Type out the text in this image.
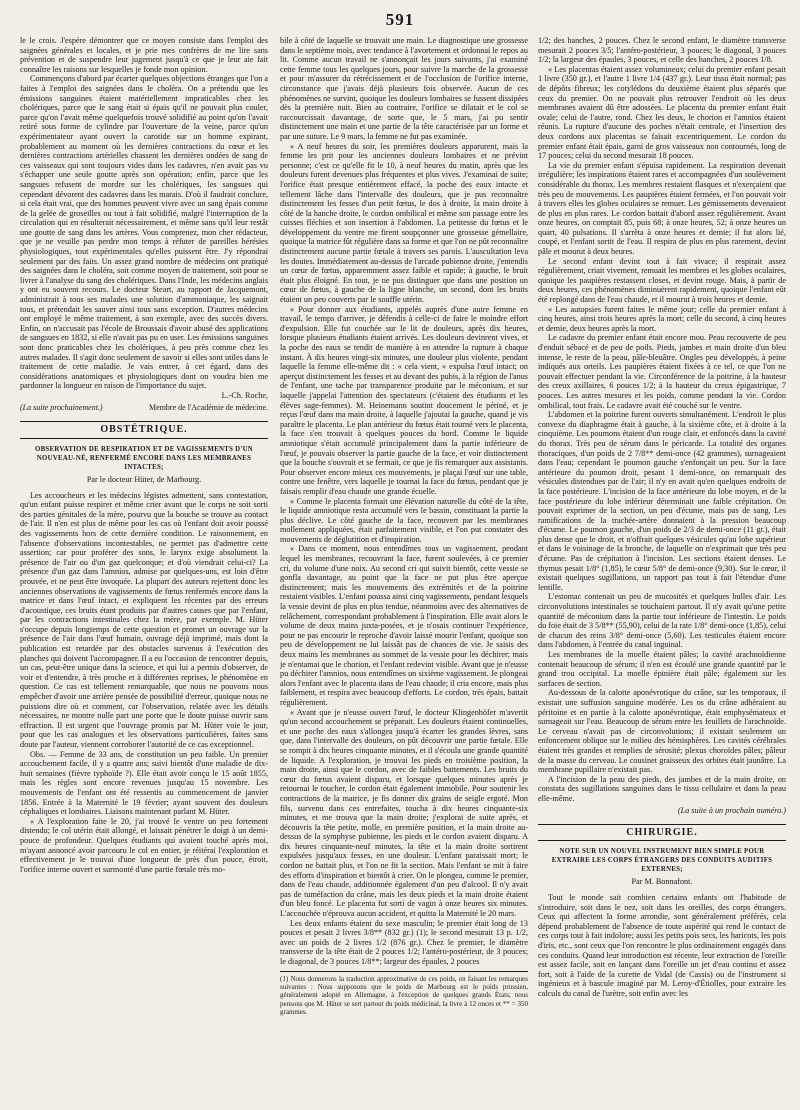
591

le le crois. J'espère démontrer que ce moyen consiste dans l'emploi des saignées générales et locales, et je prie mes confrères de me lire sans prévention et de suspendre leur jugement jusqu'à ce que je leur aie fait connaître les raisons sur lesquelles je fonde mon opinion.

Commençons d'abord par écarter quelques objections étranges que l'on a faites à l'emploi des saignées dans le choléra. On a prétendu que les émissions sanguines étaient matériellement impraticables chez les cholériques, parce que le sang était si épais qu'il ne pouvait plus couler, parce qu'on l'avait même quelquefois trouvé solidifié au point qu'on l'avait retiré sous forme de cylindre par l'ouverture de la veine, parce qu'un expérimentateur ayant ouvert la carotide sur un homme expirant, probablement au moment où les dernières contractions du cœur et les dernières contractions artérielles chassent les dernières ondées de sang de ces vaisseaux qui sont toujours vides dans les cadavres, n'en avait pas vu s'échapper une seule goutte après son opération; enfin, parce que les sangsues refusent de mordre sur les cholériques, les sangsues qui cependant dévorent des cadavres dans les marais. D'où il faudrait conclure, si cela était vrai, que des hommes peuvent vivre avec un sang épais comme de la gelée de groseilles ou tout à fait solidifié, malgré l'interruption de la circulation qui en résulterait nécessairement, et même sans qu'il leur restât une goutte de sang dans les artères. Vous comprenez, mon cher rédacteur, que je ne veuille pas perdre mon temps à réfuter de pareilles hérésies physiologiques, tout expérimentales qu'elles puissent être. J'y répondrai seulement par des faits. Un assez grand nombre de médecins ont pratiqué des saignées dans le choléra, soit comme moyen de traitement, soit pour se livrer à l'analyse du sang des cholériques. Dans l'Inde, les médecins anglais y ont eu souvent recours. Le docteur Steart, au rapport de Jacquemont, administrait à tous ses malades une solution d'ammoniaque, les saignait tous, et prétendait les sauver ainsi tous sans exception. D'autres médecins ont employé le même traitement, à son exemple, avec des succès divers. Enfin, on n'accusait pas l'école de Broussais d'avoir abusé des applications de sangsues en 1832, si elle n'avait pas pu en user. Les émissions sanguines sont donc praticables chez les cholériques, à peu près comme chez les autres malades. Il s'agit donc seulement de savoir si elles sont utiles dans le traitement de cette maladie. Je vais entrer, à cet égard, dans des considérations anatomiques et physiologiques dont on voudra bien me pardonner la longueur en raison de l'importance du sujet.

L.-Ch. Roche,
(La suite prochainement.)	Membre de l'Académie de médecine.
OBSTÉTRIQUE.
OBSERVATION DE RESPIRATION ET DE VAGISSEMENTS D'UN NOUVEAU-NÉ, RENFERMÉ ENCORE DANS LES MEMBRANES INTACTES;
Par le docteur Hüter, de Marbourg.

Les accoucheurs et les médecins légistes admettent, sans contestation, qu'un enfant puisse respirer et même crier avant que le corps ne soit sorti des parties génitales de la mère, pourvu que la bouche se trouve au contact de l'air. Il n'en est plus de même pour les cas où l'enfant doit avoir poussé des vagissements hors de cette dernière condition. Le raisonnement, en l'absence d'observations incontestables, ne permet pas d'admettre cette assertion; car pour proférer des sons, le larynx exige absolument la présence de l'air ou d'un gaz quelconque; et d'où viendrait celui-ci? La présence d'un gaz dans l'amnios, admise par quelques-uns, est loin d'être prouvée, et ne peut être invoquée. La plupart des auteurs rejettent donc les anciennes observations de vagissements de fœtus renfermés encore dans la matrice et dans l'œuf intact, et expliquent les récentes par des erreurs d'acoustique, ces bruits étant produits par d'autres causes que par l'enfant, par les contractions intestinales chez la mère, par exemple. M. Hüter s'occupe depuis longtemps de cette question et promet un ouvrage sur la présence de l'air dans l'œuf humain, ouvrage déjà imprimé, mais dont la publication est retardée par des obstacles survenus à l'exécution des planches qui doivent l'accompagner. Il a eu l'occasion de rencontrer depuis, un cas, peut-être unique dans la science, et qui lui a permis d'observer, de voir et d'entendre, à très proche et à différentes reprises, le phénomène en question. Ce cas est tellement remarquable, que nous ne pouvons nous empêcher d'avoir une arrière pensée de possibilité d'erreur, quoique nous ne puissions dire où et comment, car l'observation, relatée avec les détails nécessaires, ne montre nulle part une porte que le doute puisse ouvrir sans effraction. Il est urgent que l'ouvrage promis par M. Hüter voie le jour, pour que les cas analogues et les observations particulières, faites sans doute par l'auteur, viennent corroborer l'autorité de ce cas exceptionnel.

Obs. — Femme de 33 ans, de constitution un peu faible. Un premier accouchement facile, il y a quatre ans; suivi bientôt d'une maladie de dix-huit semaines (fièvre typhoïde ?). Elle était avoir conçu le 15 août 1855, mais les règles sont encore revenues jusqu'au 15 novembre. Les mouvements de l'enfant ont été ressentis au commencement de janvier 1856. Entrée à la Maternité le 19 février; ayant souvent des douleurs céphaliques et lombaires. Liaisons maintenant parlant M. Hüter.

« A l'exploration faite le 20, j'ai trouvé le ventre un peu fortement distendu; le col utérin était allongé, et laissait pénétrer le doigt à un demi-pouce de profondeur. Quelques étudiants qui avaient touché après moi, m'ayant annoncé avoir parcouru le col en entier, je réitérai l'exploration et effectivement je le trouvai d'une longueur de près d'un pouce, étroit, l'orifice interne ouvert et surmonté d'une partie fœtale très mo-

bile à côté de laquelle se trouvait une main. Le diagnostique une grossesse dans le septième mois, avec tendance à l'avortement et ordonnai le repos au lit. Comme aucun travail ne s'annonçait les jours suivants, j'ai examiné cette femme tous les quelques jours, pour suivre la marche de la grossesse et pour m'assurer du rétrécissement et de l'occlusion de l'orifice interne, circonstance que j'avais déjà plusieurs fois observée. Aucun de ces phénomènes ne survint, quoique les douleurs lombaires se fussent dissipées dès la première nuit. Bien au contraire, l'orifice se dilatait et le col se raccourcissait davantage, de sorte que, le 5 mars, j'ai pu sentir distinctement une main et une partie de la tête caractérisée par un forme et par une suture. Le 9 mars, la femme ne fut pas examinée.

« A neuf heures du soir, les premières douleurs apparurent, mais la femme les prit pour les anciennes douleurs lombaires et ne prévint personne; c'est ce qu'elle fit le 10, à neuf heures du matin, après que les douleurs furent devenues plus fréquentes et plus vives. J'examinai de suite; l'orifice était presque entièrement effacé, la poche des eaux intacte et tellement lâche dans l'intervalle des douleurs, que je pus reconnaître distinctement les fesses d'un petit fœtus, le dos à droite, la main droite à côté de la hanche droite, le cordon ombilical et même son passage entre les cuisses fléchies et son insertion à l'abdomen. La petitesse du fœtus et le développement du ventre me firent soupçonner une grossesse gémellaire, quoique la matrice fût régulière dans sa forme et que l'on ne pût reconnaître distinctement aucune partie fœtale à travers ses parois. L'auscultation leva les doutes. Immédiatement au-dessus de l'arcade pubienne droite, j'entendis un cœur de fœtus, apparemment assez faible et rapide; à gauche, le bruit était plus éloigné. En tout, je ne pus distinguer que dans une position un cœur de fœtus, à gauche de la ligne blanche, un second, dont les bruits étaient un peu couverts par le souffle utérin.

« Pour donner aux étudiants, appelés auprès d'une autre femme en travail, le temps d'arriver, je défendis à celle-ci de faire le moindre effort d'expulsion. Elle fut couchée sur le lit de douleurs, après dix heures, lorsque plusieurs étudiants étaient arrivés. Les douleurs devinrent vives, et la poche des eaux se tendit de manière à en attendre la rupture à chaque instant. À dix heures vingt-six minutes, une douleur plus violente, pendant laquelle la femme elle-même dit : « cela vient, » expulsa l'œuf intact; on aperçut distinctement les fesses et au devant des pubis, à la région de l'anus de l'enfant, une tache par transparence produite par le méconium, et sur laquelle j'appelai l'attention des spectateurs (c'étaient des étudiants et les élèves sage-femmes). M. Heinemann soutint doucement le périné, et je reçus l'œuf dans ma main droite, à laquelle j'ajoutai la gauche, quand je vis paraître le placenta. Le plan antérieur du fœtus était tourné vers le placenta, la face s'en trouvait à quelques pouces du bord. Comme le liquide amniotique s'était accumulé principalement dans la partie inférieure de l'œuf, je pouvais observer la partie gauche de la face, et voir distinctement que la bouche s'ouvrait et se fermait, ce que je fis remarquer aux assistants. Pour observer encore mieux ces mouvements, je plaçai l'œuf sur une table, contre une fenêtre, vers laquelle je tournai la face du fœtus, pendant que je faisais remplir d'eau chaude une grande écuelle.

« Comme le placenta formait une élévation naturelle du côté de la tête, le liquide amniotique resta accumulé vers le bassin, constituant la partie la plus déclive. Le côté gauche de la face, recouvert par les membranes mollement appliquées, était parfaitement visible, et l'on put constater des mouvements de déglutition et d'inspiration.

« Dans ce moment, nous entendîmes tous un vagissement, pendant lequel les membranes, recouvrant la face, furent soulevées, à ce premier cri, du volume d'une noix. Au second cri qui suivit bientôt, cette vessie se gonfla davantage, au point que la face ne put plus être aperçue distinctement; mais les mouvements des extrémités et de la poitrine restaient visibles. L'enfant poussa ainsi cinq vagissements, pendant lesquels la vessie devint de plus en plus tendue, néanmoins avec des alternatives de relâchement, correspondant probablement à l'inspiration. Elle avait alors le volume de deux mains juxta-posées, et je n'osais continuer l'expérience, pour ne pas encourir le reproche d'avoir laissé mourir l'enfant, quoique son peu de développement ne lui laissât pas de chances de vie. Je saisis des deux mains les membranes au sommet de la vessie pour les déchirer; mais je n'entamai que le chorion, et l'enfant redevint visible. Avant que je n'eusse pu déchirer l'amnios, nous entendîmes un sixième vagissement. Je plongeai alors l'enfant avec le placenta dans de l'eau chaude; il cria encore, mais plus faiblement, et respira avec beaucoup d'efforts. Le cordon, très épais, battait régulièrement.

« Avant que je n'eusse ouvert l'œuf, le docteur Klingenhöfer m'avertit qu'un second accouchement se préparait. Les douleurs étaient continuelles, et une poche des eaux s'allongea jusqu'à écarter les grandes lèvres, sans que, dans l'intervalle des douleurs, on pût découvrir une partie fœtale. Elle se rompit à dix heures cinquante minutes, et il s'écoula une grande quantité de liquide. A l'exploration, je trouvai les pieds en troisième position, la main droite, ainsi que le cordon, avec de faibles battements. Les bruits du cœur du fœtus avaient disparu, et lorsque quelques minutes après je retournai le toucher, le cordon était également immobile. Pour soutenir les contractions de la matrice, je fis donner dix grains de seigle ergoté. Mon fils, survenu dans ces entrefaites, toucha à dix heures cinquante-six minutes, et me trouva que la main droite; j'explorai de suite après, et découvris la tête petite, molle, en première position, et la main droite au-dessus de la symphyse pubienne, les pieds et le cordon avaient disparu. A dix heures cinquante-neuf minutes, la tête et la main droite sortirent expulsées jusqu'aux fesses, en une douleur. L'enfant paraissait mort; le cordon ne battait plus, et l'on ne fit la section. Mais l'enfant se mit à faire des efforts d'inspiration et bientôt à crier. On le plongea, comme le premier, dans de l'eau chaude, additionnée également d'un peu d'alcool. Il n'y avait pas de tuméfaction du crâne, mais les deux pieds et la main droite étaient d'un bleu foncé. Le placenta fut sorti de vagin à onze heures six minutes. L'accouchée n'éprouva aucun accident, et quitta la Maternité le 20 mars.

Les deux enfants étaient du sexe masculin; le premier était long de 13 pouces et pesait 2 livres 3/8** (832 gr.) (1); le second mesurait 13 p. 1/2, avec un poids de 2 livres 1/2 (876 gr.). Chez le premier, le diamètre transverse de la tête était de 2 pouces 1/2; l'antéro-postérieur, de 3 pouces; le diagonal, de 3 pouces 1/8**; largeur des épaules, 2 pouces

(1) Nous donnerons la traduction approximative de ces poids, en faisant les remarques suivantes : Nous supposons que le poids de Marbourg est le poids prussien, généralement adopté en Allemagne, à l'exception de quelques grands États; nous pensons que M. Hüter se sert partout du poids médicinal, la livre à 12 onces et ** = 350 grammes.

1/2; des hanches, 2 pouces. Chez le second enfant, le diamètre transverse mesurait 2 pouces 3/5; l'antéro-postérieur, 3 pouces; le diagonal, 3 pouces 1/2; la largeur des épaules, 3 pouces, et celle des hanches, 2 pouces 1/8.

« Les placentas étaient assez volumineux; celui du premier enfant pesait 1 livre (350 gr.), et l'autre 1 livre 1/4 (437 gr.). Leur tissu était normal; pas de dépôts fibreux; les cotylédons du deuxième étaient plus séparés que ceux du premier. On ne pouvait plus retrouver l'endroit où les deux membranes avaient dû être adossées. Le placenta du premier enfant était ovale; celui de l'autre, rond. Chez les deux, le chorion et l'amnios étaient réunis. La rupture d'aucune des poches n'était centrale, et l'insertion des deux cordons aux placentas se faisait excentriquement. Le cordon du premier enfant était épais, garni de gros vaisseaux non contournés, long de 17 pouces; celui du second mesurait 18 pouces.

La vie du premier enfant s'épuisa rapidement. La respiration devenait irrégulière; les inspirations étaient rares et accompagnées d'un soulèvement considérable du thorax. Les membres restaient flasques et n'exerçaient que très peu de mouvements. Les paupières étaient fermées, et l'on pouvait voir à travers elles les globes oculaires se remuer. Les gémissements devenaient de plus en plus rares. Le cordon battait d'abord assez régulièrement. Avant onze heures, on comptait 85, puis 68; à onze heures, 52; à onze heures un quart, 40 pulsations. Il s'arrêta à onze heures et demie; il fut alors lié, coupé, et l'enfant sortit de l'eau. Il respira de plus en plus rarement, devint pâle et mourut à deux heures.

Le second enfant devint tout à fait vivace; il respirait assez régulièrement, criait vivement, remuait les membres et les globes oculaires, quoique les paupières restassent closes, et devint rouge. Mais, à partir de deux heures, ces phénomènes diminuèrent rapidement, quoique l'enfant eût été replongé dans de l'eau chaude, et il mourut à trois heures et demie.

« Les autopsies furent faites le même jour; celle du premier enfant à cinq heures, ainsi trois heures après la mort; celle du second, à cinq heures et demie, deux heures après la mort.

Le cadavre du premier enfant était encore mou. Peau recouverte de peu d'enduit sébacé et de peu de poils. Pieds, jambes et main droite d'un bleu intense, le reste de la peau, pâle-bleuâtre. Ongles peu développés, à peine indiqués aux orteils. Les paupières étaient fixées à ce tel, ce que l'on ne pouvait effectuer pendant la vie. Circonférence de la poitrine, à la hauteur des creux axillaires, 6 pouces 1/2; à la hauteur du creux épigastrique, 7 pouces. Les autres mesures et les poids, comme pendant la vie. Cordon ombilical, tout frais. Le cadavre avait été couché sur le ventre.

L'abdomen et la poitrine furent ouverts simultanément. L'endroit le plus convexe du diaphragme était à gauche, à la sixième côte, et à droite à la cinquième. Les poumons étaient d'un rouge clair, et enfoncés dans la cavité du thorax. Très peu de sérum dans le péricarde. La totalité des organes thoraciques, d'un poids de 2 7/8** demi-once (42 grammes), surnageaient dans l'eau; cependant le poumon gauche s'enfonçait un peu. Sur la face antérieure du poumon droit, pesant 1 demi-once, on remarquait des vésicules distendues par de l'air; il n'y en avait qu'en quelques endroits de la face postérieure. L'incision de la face antérieure du lobe moyen, et de la face postérieure du lobe inférieur déterminait une faible crépitation. On pouvait exprimer de la section, un peu d'écume, mais pas de sang. Les ramifications de la trachée-artère donnaient à la pression beaucoup d'écume. Le poumon gauche, d'un poids de 2/3 de demi-once (11 gr.), était plus dense que le droit, et n'offrait quelques vésicules qu'au lobe supérieur et dans le voisinage de la bronche, de laquelle on n'exprimait que très peu d'écume. Pas de crépitation à l'incision. Les sections étaient denses. Le thymus pesait 1/8° (1,85), le cœur 5/8° de demi-once (9,30). Sur le cœur, il existait quelques sugillations, un rapport pas tout à fait l'étendue d'une lentille.

L'estomac contenait un peu de mucosités et quelques bulles d'air. Les circonvolutions intestinales se touchaient partout. Il n'y avait qu'une petite quantité de méconium dans la partie tout inférieure de l'intestin. Le poids du foie était de 3 5/8** (55,90), celui de la rate 1/8° demi-once (1,85), celui de chacun des reins 3/8° demi-once (5,60). Les testicules étaient encore dans l'abdomen, à l'entrée du canal inguinal.

Les membranes de la moelle étaient pâles; la cavité arachnoïdienne contenait beaucoup de sérum; il n'en est écoulé une grande quantité par le grand trou occipital. La moelle épinière était pâle; également sur les surfaces de section.

Au-dessous de la calotte aponévrotique du crâne, sur les temporaux, il existait une suffusion sanguine modérée. Les os du crâne adhéraient au péritoine et en partie à la calotte aponévrotique, était emphysémateux et surnageait sur l'eau. Beaucoup de sérum entre les feuillets de l'arachnoïde. Le cerveau n'avait pas de circonvolutions; il existait seulement un enfoncement oblique sur le milieu des hémisphères. Les cavités cérébrales étaient très grandes et remplies de sérosité; plexus choroïdes pâles; pâleur de la masse du cerveau. Le cousinet graisseux des orbites était jaunâtre. La membrane pupillaire n'existait pas.

A l'incision de la peau des pieds, des jambes et de la main droite, on constata des sugillations sanguines dans le tissu cellulaire et dans la peau elle-même.

(La suite à un prochain numéro.)
CHIRURGIE.
NOTE SUR UN NOUVEL INSTRUMENT BIEN SIMPLE POUR EXTRAIRE LES CORPS ÉTRANGERS DES CONDUITS AUDITIFS EXTERNES;
Par M. Bonnafont.

Tout le monde sait combien certains enfants ont l'habitude de s'introduire, soit dans le nez, soit dans les oreilles, des corps étrangers. Ceux qui affectent la forme arrondie, sont généralement préférés, cela dépend probablement de l'absence de toute aspérité qui rend le contact de ces corps tout à fait indolore; aussi les petits pois secs, les haricots, les pois d'iris, etc., sont ceux que l'on rencontre le plus ordinairement engagés dans ces conduits. Quand leur introduction est récente, leur extraction de l'oreille est assez facile, soit en lançant dans l'oreille un jet d'eau continu et assez fort, soit à l'aide de la curette de Vidal (de Cassis) ou de l'instrument si ingénieux et à bascule imaginé par M. Leroy-d'Étiolles, pour extraire les calculs du canal de l'urètre, soit enfin avec les
